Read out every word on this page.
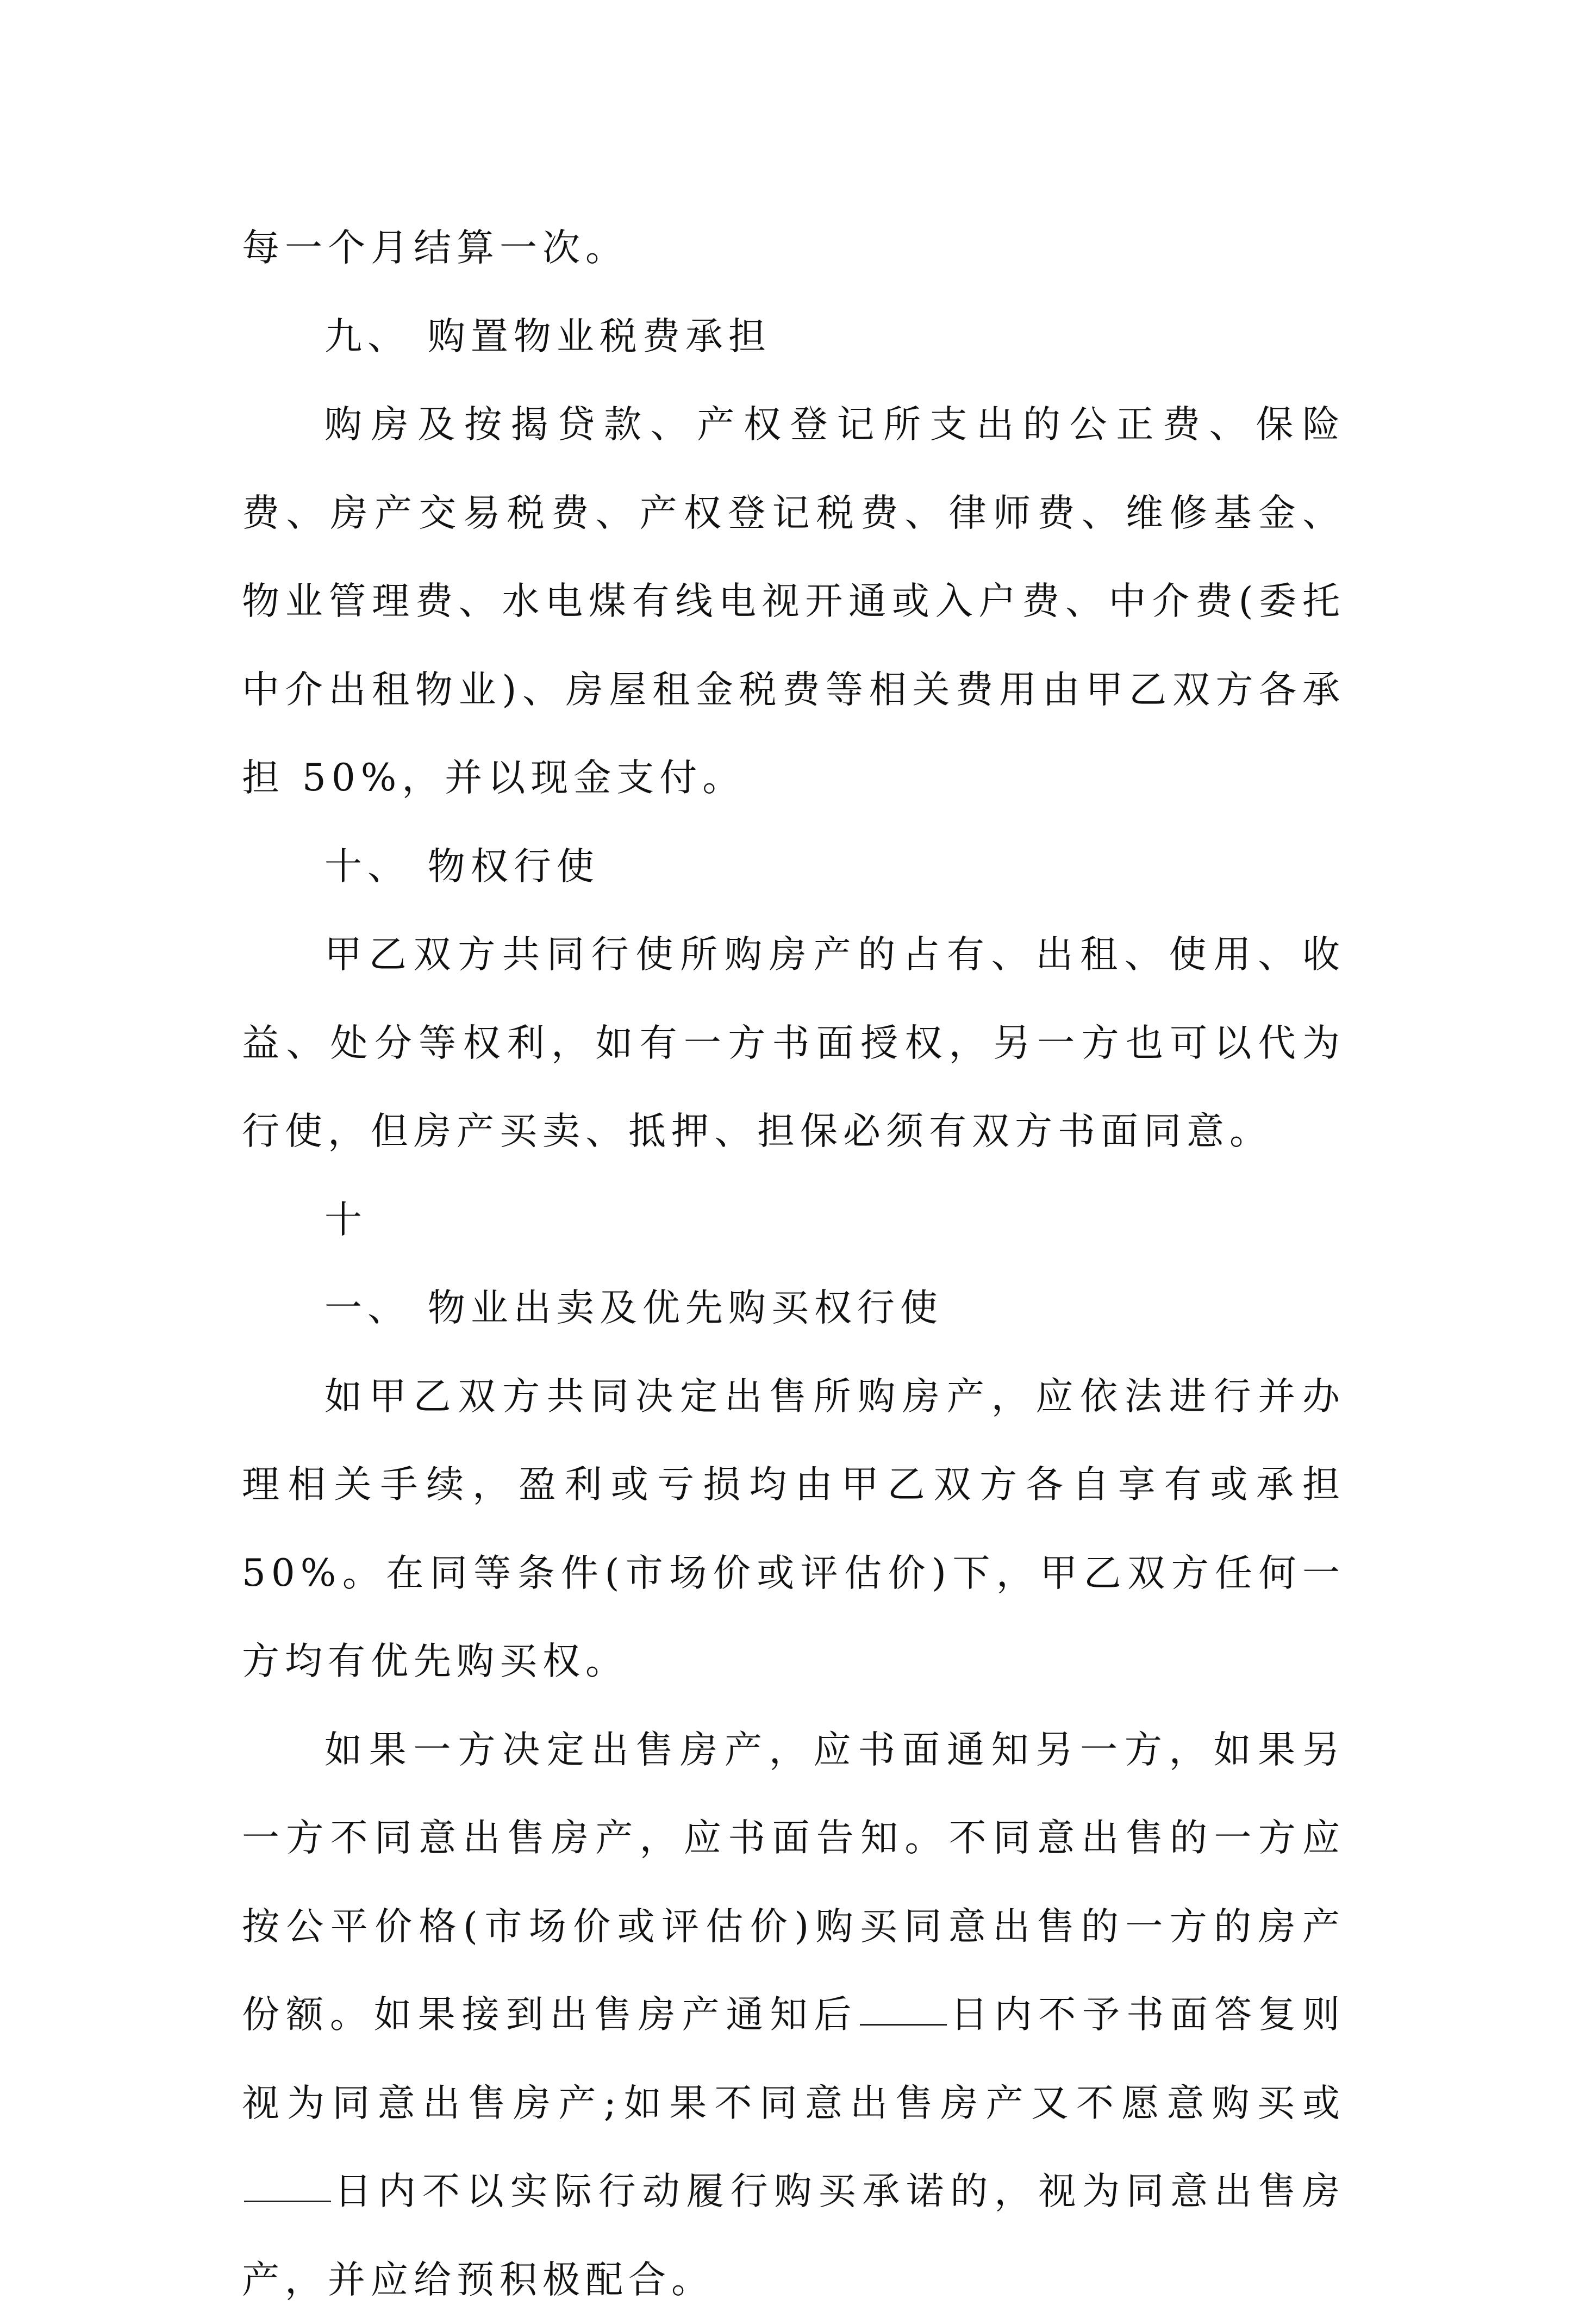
每一个月结算一次。

九、 购置物业税费承担

购房及按揭贷款、产权登记所支出的公正费、保险费、房产交易税费、产权登记税费、律师费、维修基金、物业管理费、水电煤有线电视开通或入户费、中介费(委托中介出租物业)、房屋租金税费等相关费用由甲乙双方各承担 50%，并以现金支付。

十、 物权行使

甲乙双方共同行使所购房产的占有、出租、使用、收益、处分等权利，如有一方书面授权，另一方也可以代为行使，但房产买卖、抵押、担保必须有双方书面同意。

十

一、 物业出卖及优先购买权行使

如甲乙双方共同决定出售所购房产，应依法进行并办理相关手续，盈利或亏损均由甲乙双方各自享有或承担 50%。在同等条件(市场价或评估价)下，甲乙双方任何一方均有优先购买权。

如果一方决定出售房产，应书面通知另一方，如果另一方不同意出售房产，应书面告知。不同意出售的一方应按公平价格(市场价或评估价)购买同意出售的一方的房产份额。如果接到出售房产通知后 日内不予书面答复则视为同意出售房产;如果不同意出售房产又不愿意购买或日内不以实际行动履行购买承诺的，视为同意出售房产，并应给预积极配合。
